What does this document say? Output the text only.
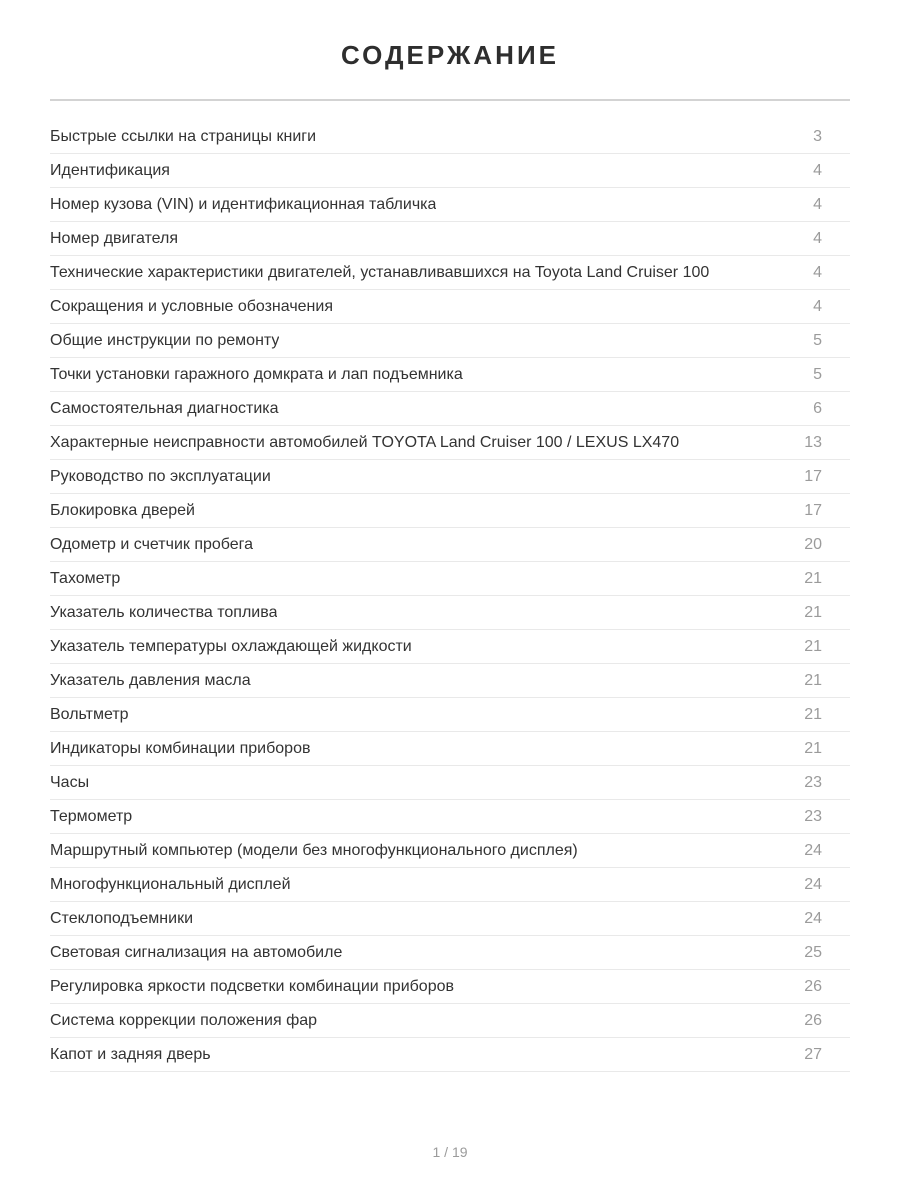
СОДЕРЖАНИЕ
Быстрые ссылки на страницы книги	3
Идентификация	4
Номер кузова (VIN) и идентификационная табличка	4
Номер двигателя	4
Технические характеристики двигателей, устанавливавшихся на Toyota Land Cruiser 100	4
Сокращения и условные обозначения	4
Общие инструкции по ремонту	5
Точки установки гаражного домкрата и лап подъемника	5
Самостоятельная диагностика	6
Характерные неисправности автомобилей TOYOTA Land Cruiser 100 / LEXUS LX470	13
Руководство по эксплуатации	17
Блокировка дверей	17
Одометр и счетчик пробега	20
Тахометр	21
Указатель количества топлива	21
Указатель температуры охлаждающей жидкости	21
Указатель давления масла	21
Вольтметр	21
Индикаторы комбинации приборов	21
Часы	23
Термометр	23
Маршрутный компьютер (модели без многофункционального дисплея)	24
Многофункциональный дисплей	24
Стеклоподъемники	24
Световая сигнализация на автомобиле	25
Регулировка яркости подсветки комбинации приборов	26
Система коррекции положения фар	26
Капот и задняя дверь	27
1 / 19
